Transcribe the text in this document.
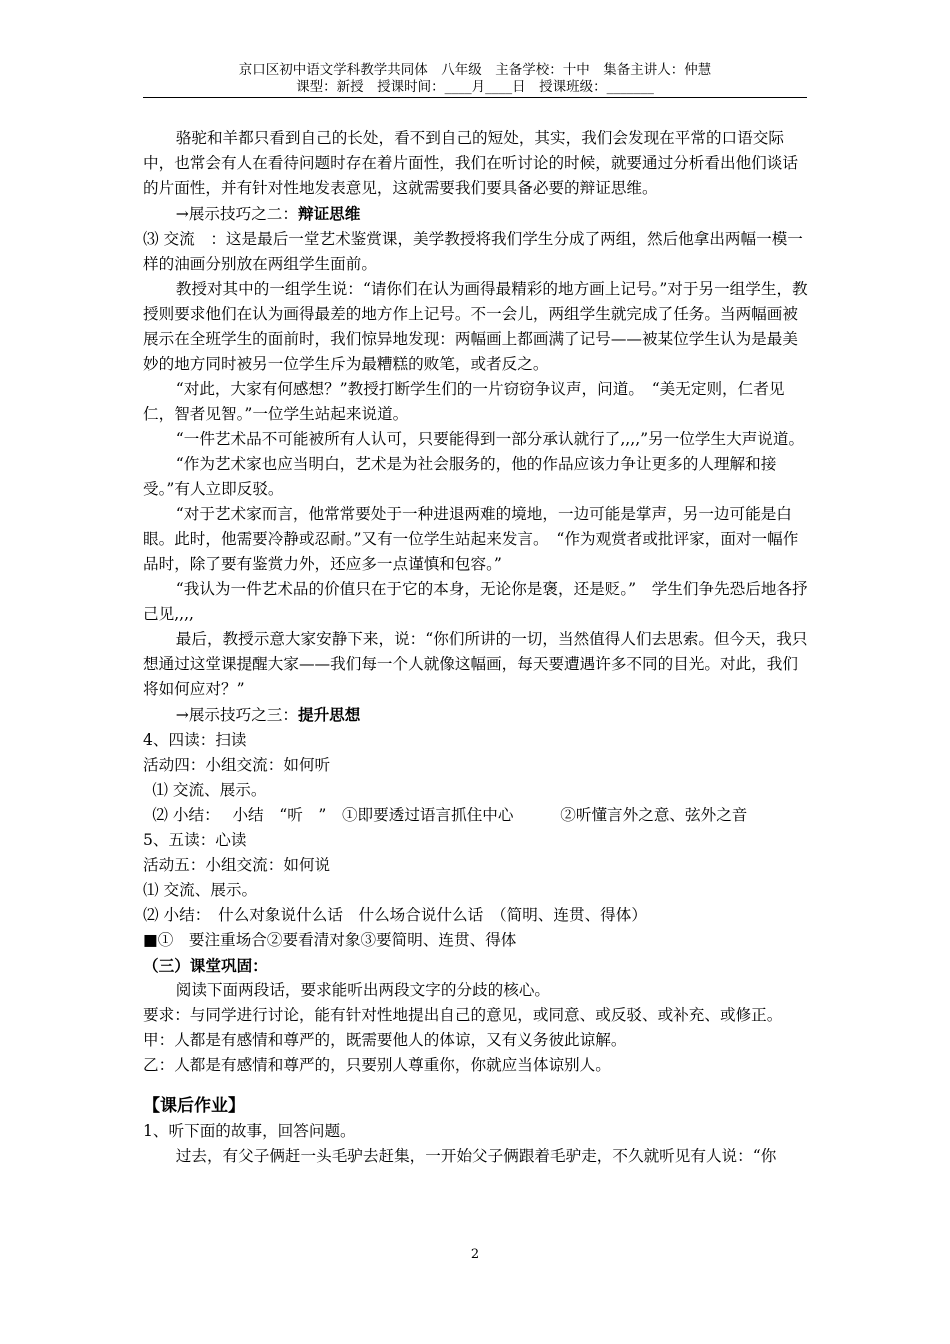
京口区初中语文学科教学共同体　八年级　主备学校：十中　集备主讲人：仲慧
课型：新授　授课时间：____月____日　授课班级：_______

骆驼和羊都只看到自己的长处，看不到自己的短处，其实，我们会发现在平常的口语交际中，也常会有人在看待问题时存在着片面性，我们在听讨论的时候，就要通过分析看出他们谈话的片面性，并有针对性地发表意见，这就需要我们要具备必要的辩证思维。

→展示技巧之二：辩证思维

⑶ 交流　：这是最后一堂艺术鉴赏课，美学教授将我们学生分成了两组，然后他拿出两幅一模一样的油画分别放在两组学生面前。

教授对其中的一组学生说：“请你们在认为画得最精彩的地方画上记号。”对于另一组学生，教授则要求他们在认为画得最差的地方作上记号。不一会儿，两组学生就完成了任务。当两幅画被展示在全班学生的面前时，我们惊异地发现：两幅画上都画满了记号——被某位学生认为是最美妙的地方同时被另一位学生斥为最糟糕的败笔，或者反之。

“对此，大家有何感想？”教授打断学生们的一片窃窃争议声，问道。　“美无定则，仁者见仁，智者见智。”一位学生站起来说道。

“一件艺术品不可能被所有人认可，只要能得到一部分承认就行了,,,,”另一位学生大声说道。

“作为艺术家也应当明白，艺术是为社会服务的，他的作品应该力争让更多的人理解和接受。”有人立即反驳。

“对于艺术家而言，他常常要处于一种进退两难的境地，一边可能是掌声，另一边可能是白眼。此时，他需要冷静或忍耐。”又有一位学生站起来发言。　“作为观赏者或批评家，面对一幅作品时，除了要有鉴赏力外，还应多一点谨慎和包容。”

“我认为一件艺术品的价值只在于它的本身，无论你是褒，还是贬。”　学生们争先恐后地各抒己见,,,,

最后，教授示意大家安静下来，说：“你们所讲的一切，当然值得人们去思索。但今天，我只想通过这堂课提醒大家——我们每一个人就像这幅画，每天要遭遇许多不同的目光。对此，我们将如何应对？”

→展示技巧之三：提升思想

4、四读：扫读

活动四：小组交流：如何听

⑴ 交流、展示。

⑵ 小结：　 小结　“听　”　①即要透过语言抓住中心　　　②听懂言外之意、弦外之音

5、五读：心读

活动五：小组交流：如何说

⑴ 交流、展示。

⑵ 小结：　什么对象说什么话　什么场合说什么话　（简明、连贯、得体）

■①　要注重场合②要看清对象③要简明、连贯、得体

（三）课堂巩固：

阅读下面两段话，要求能听出两段文字的分歧的核心。

要求：与同学进行讨论，能有针对性地提出自己的意见，或同意、或反驳、或补充、或修正。

甲：人都是有感情和尊严的，既需要他人的体谅，又有义务彼此谅解。

乙：人都是有感情和尊严的，只要别人尊重你，你就应当体谅别人。

【课后作业】

1、听下面的故事，回答问题。

过去，有父子俩赶一头毛驴去赶集，一开始父子俩跟着毛驴走，不久就听见有人说：“你

2
